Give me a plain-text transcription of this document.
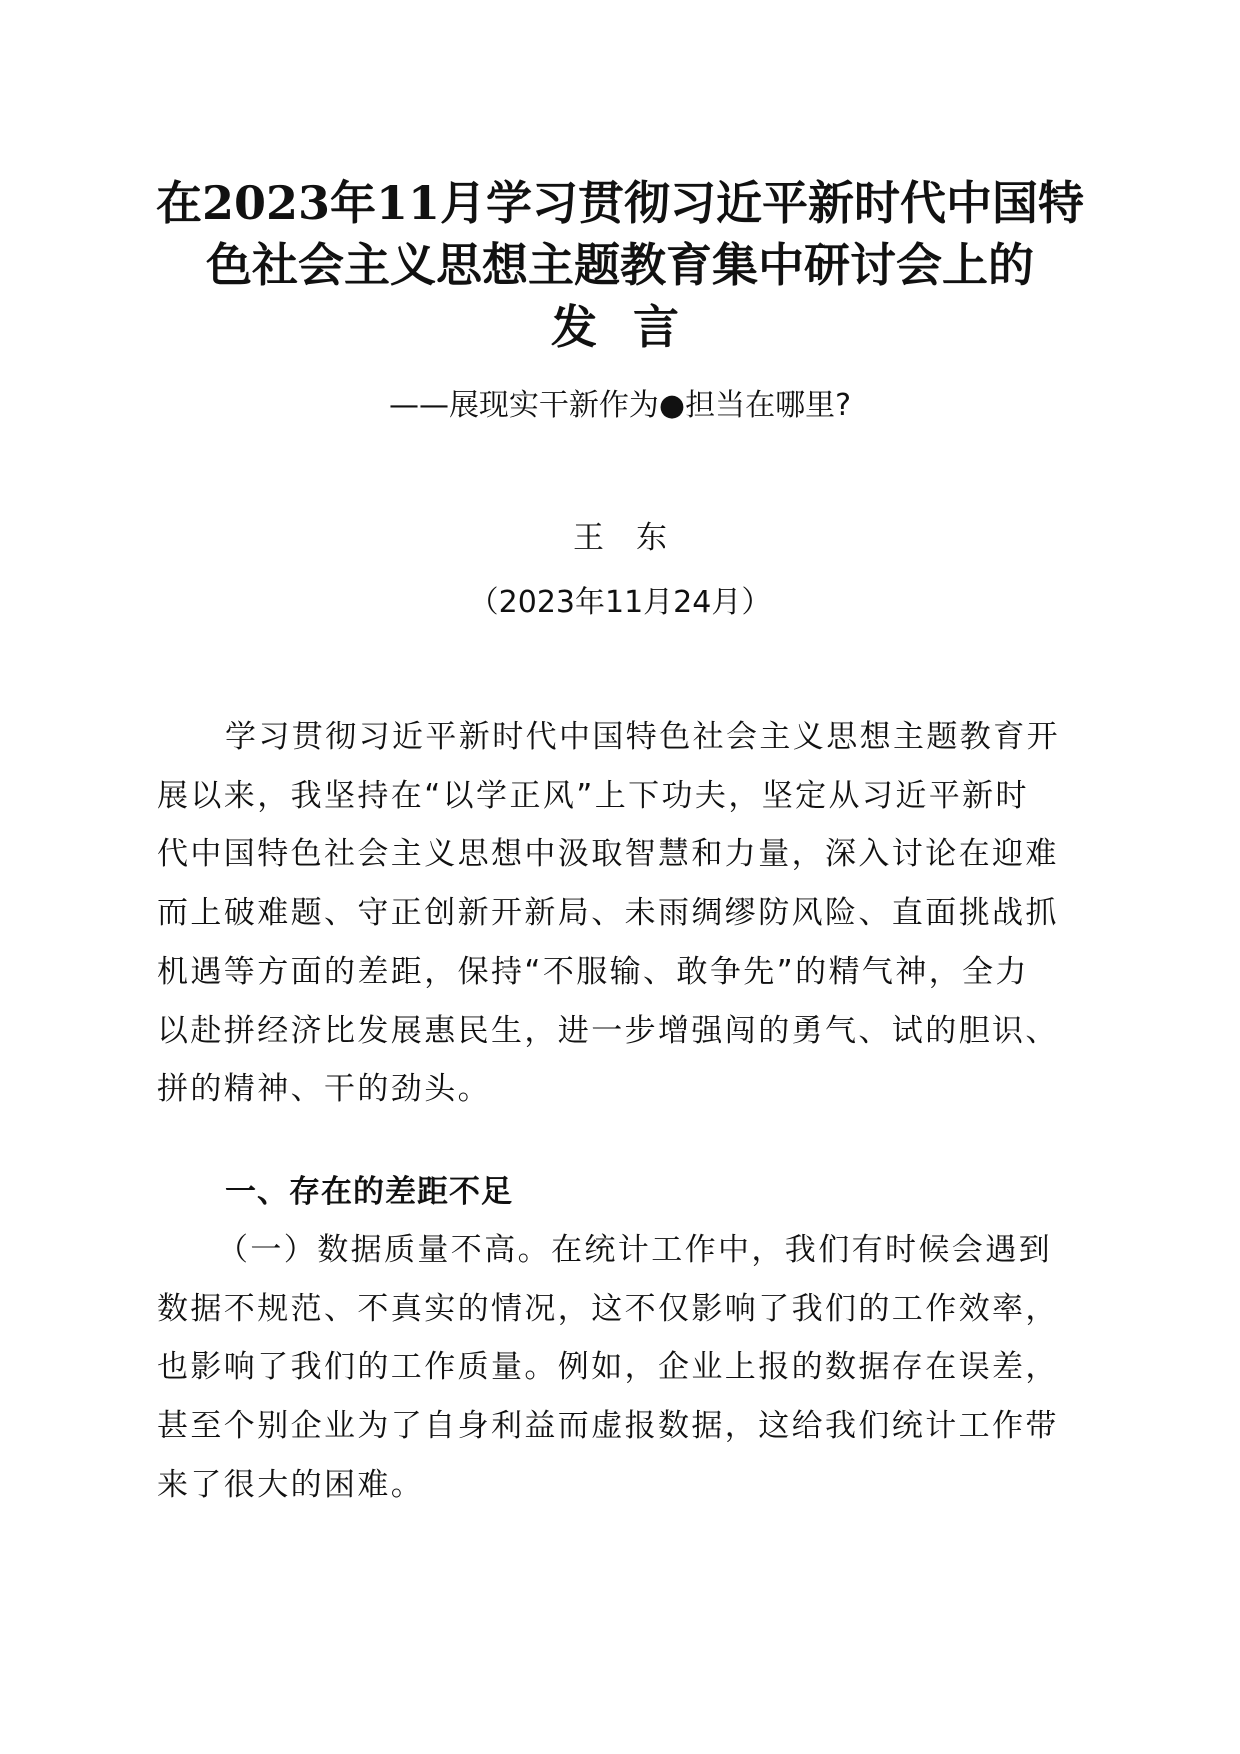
在2023年11月学习贯彻习近平新时代中国特
色社会主义思想主题教育集中研讨会上的
发 言
——展现实干新作为●担当在哪里?
王东
（2023年11月24月）
学习贯彻习近平新时代中国特色社会主义思想主题教育开
展以来，我坚持在“以学正风”上下功夫，坚定从习近平新时
代中国特色社会主义思想中汲取智慧和力量，深入讨论在迎难
而上破难题、守正创新开新局、未雨绸缪防风险、直面挑战抓
机遇等方面的差距，保持“不服输、敢争先”的精气神，全力
以赴拼经济比发展惠民生，进一步增强闯的勇气、试的胆识、
拼的精神、干的劲头。
一、存在的差距不足
（一）数据质量不高。在统计工作中，我们有时候会遇到
数据不规范、不真实的情况，这不仅影响了我们的工作效率，
也影响了我们的工作质量。例如，企业上报的数据存在误差，
甚至个别企业为了自身利益而虚报数据，这给我们统计工作带
来了很大的困难。
